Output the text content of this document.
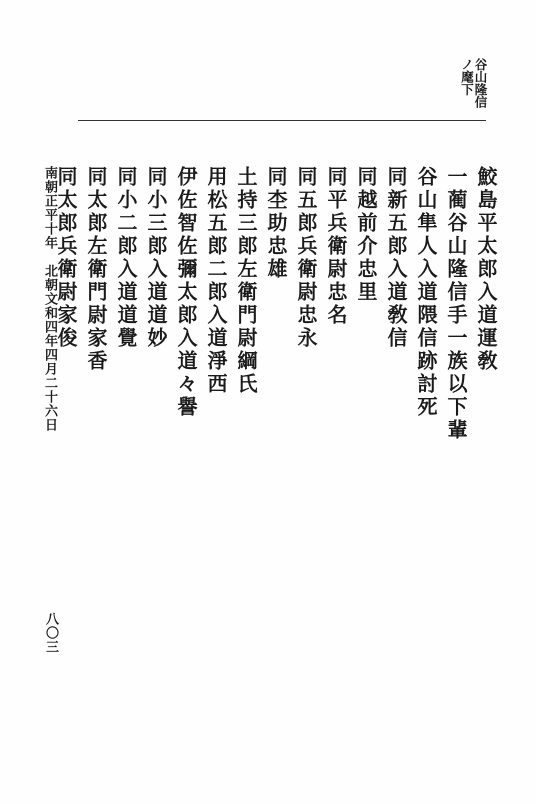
谷山隆信
ノ麾下
鮫島平太郎入道運敎
一蔺谷山隆信手一族以下輩
谷山隼人入道隈信跡討死
同新五郎入道敎信
同越前介忠里
同平兵衛尉忠名
同五郎兵衛尉忠永
同杢助忠雄
土持三郎左衛門尉綱氏
用松五郎二郎入道淨西
伊佐智佐彌太郎入道々譽
同小三郎入道道妙
同小二郎入道道覺
同太郎左衛門尉家香
同太郎兵衛尉家俊
南朝正平十年　北朝文和四年四月二十六日
八〇三
